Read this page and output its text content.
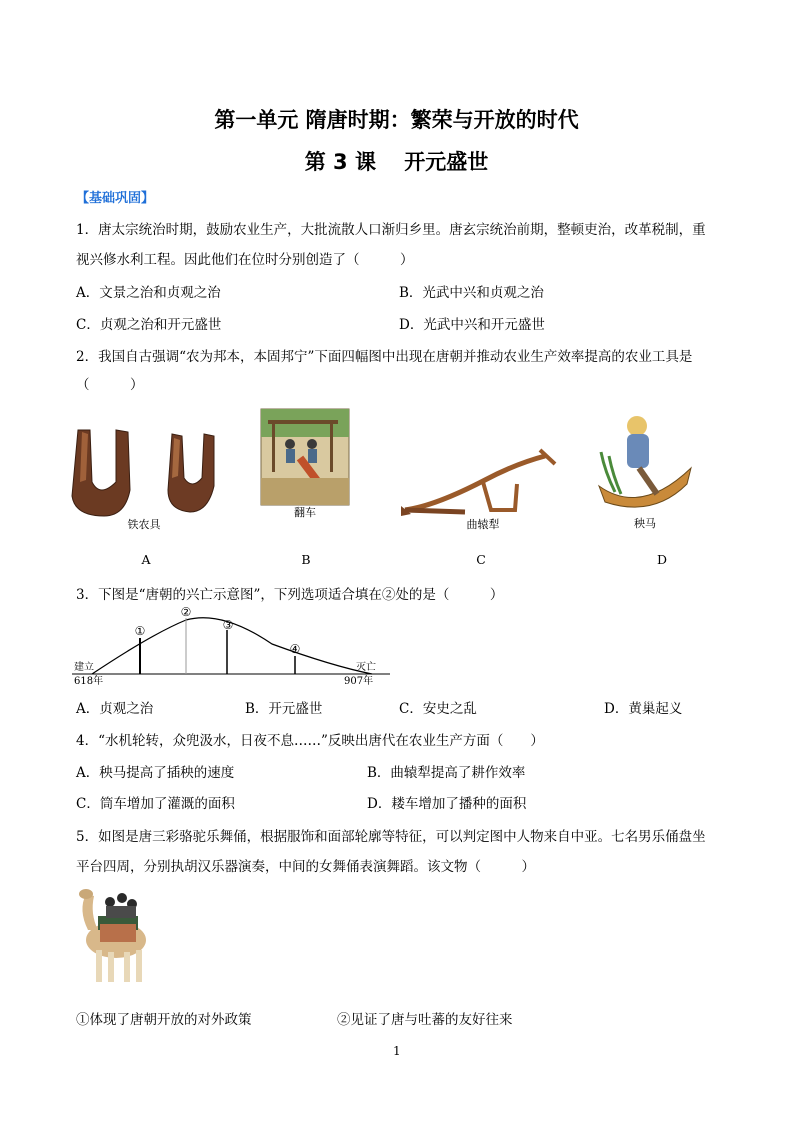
第一单元 隋唐时期：繁荣与开放的时代
第 3 课　 开元盛世
【基础巩固】
1．唐太宗统治时期，鼓励农业生产，大批流散人口渐归乡里。唐玄宗统治前期，整顿吏治，改革税制，重
视兴修水利工程。因此他们在位时分别创造了（　　　）
A．文景之治和贞观之治	B．光武中兴和贞观之治
C．贞观之治和开元盛世	D．光武中兴和开元盛世
2．我国自古强调“农为邦本，本固邦宁”下面四幅图中出现在唐朝并推动农业生产效率提高的农业工具是
（　　　）
铁农具
翻车
曲辕犁	秧马
A	B	C	D
3．下图是“唐朝的兴亡示意图”，下列选项适合填在②处的是（　　　）
①
②
③
④
建立
618年
灭亡
907年
A．贞观之治	B．开元盛世	C．安史之乱	D．黄巢起义
4．“水机轮转，众兜汲水，日夜不息……”反映出唐代在农业生产方面（　　）
A．秧马提高了插秧的速度	B．曲辕犁提高了耕作效率
C．筒车增加了灌溉的面积	D．耧车增加了播种的面积
5．如图是唐三彩骆驼乐舞俑，根据服饰和面部轮廓等特征，可以判定图中人物来自中亚。七名男乐俑盘坐
平台四周，分别执胡汉乐器演奏，中间的女舞俑表演舞蹈。该文物（　　　）
①体现了唐朝开放的对外政策	②见证了唐与吐蕃的友好往来
1
